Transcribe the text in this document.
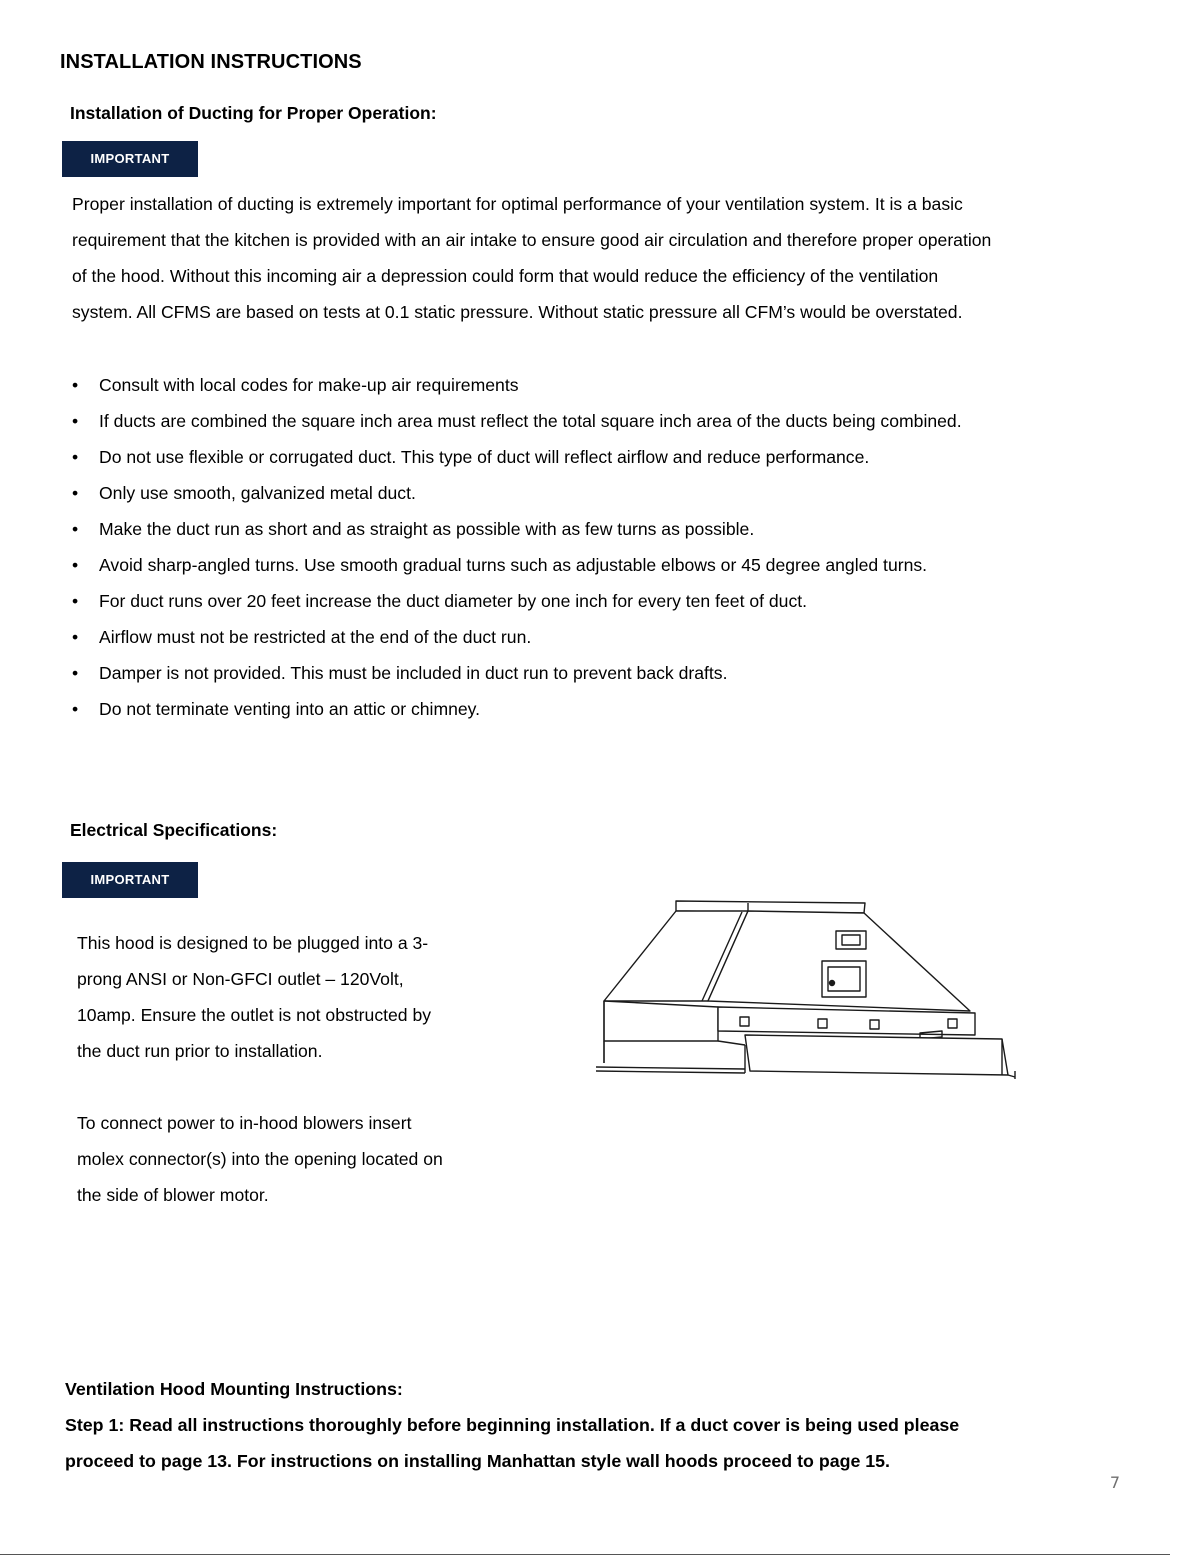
INSTALLATION INSTRUCTIONS
Installation of Ducting for Proper Operation:
IMPORTANT
Proper installation of ducting is extremely important for optimal performance of your ventilation system. It is a basic
requirement that the kitchen is provided with an air intake to ensure good air circulation and therefore proper operation
of the hood. Without this incoming air a depression could form that would reduce the efficiency of the ventilation
system. All CFMS are based on tests at 0.1 static pressure. Without static pressure all CFM’s would be overstated.
• Consult with local codes for make-up air requirements
• If ducts are combined the square inch area must reflect the total square inch area of the ducts being combined.
• Do not use flexible or corrugated duct. This type of duct will reflect airflow and reduce performance.
• Only use smooth, galvanized metal duct.
• Make the duct run as short and as straight as possible with as few turns as possible.
• Avoid sharp-angled turns. Use smooth gradual turns such as adjustable elbows or 45 degree angled turns.
• For duct runs over 20 feet increase the duct diameter by one inch for every ten feet of duct.
• Airflow must not be restricted at the end of the duct run.
• Damper is not provided. This must be included in duct run to prevent back drafts.
• Do not terminate venting into an attic or chimney.
Electrical Specifications:
IMPORTANT
This hood is designed to be plugged into a 3-
prong ANSI or Non-GFCI outlet – 120Volt,
10amp. Ensure the outlet is not obstructed by
the duct run prior to installation.
To connect power to in-hood blowers insert
molex connector(s) into the opening located on
the side of blower motor.
Ventilation Hood Mounting Instructions:
Step 1: Read all instructions thoroughly before beginning installation. If a duct cover is being used please
proceed to page 13. For instructions on installing Manhattan style wall hoods proceed to page 15.
7
